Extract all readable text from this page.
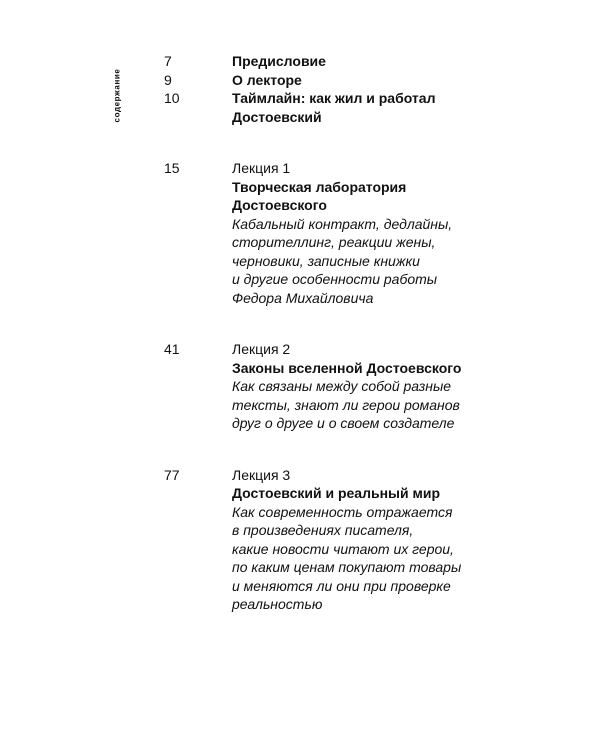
содержание
7	Предисловие
9	О лекторе
10	Таймлайн: как жил и работал
Достоевский
15	Лекция 1
Творческая лаборатория
Достоевского
Кабальный контракт, дедлайны,
сторителлинг, реакции жены,
черновики, записные книжки
и другие особенности работы
Федора Михайловича
41	Лекция 2
Законы вселенной Достоевского
Как связаны между собой разные
тексты, знают ли герои романов
друг о друге и о своем создателе
77	Лекция 3
Достоевский и реальный мир
Как современность отражается
в произведениях писателя,
какие новости читают их герои,
по каким ценам покупают товары
и меняются ли они при проверке
реальностью
